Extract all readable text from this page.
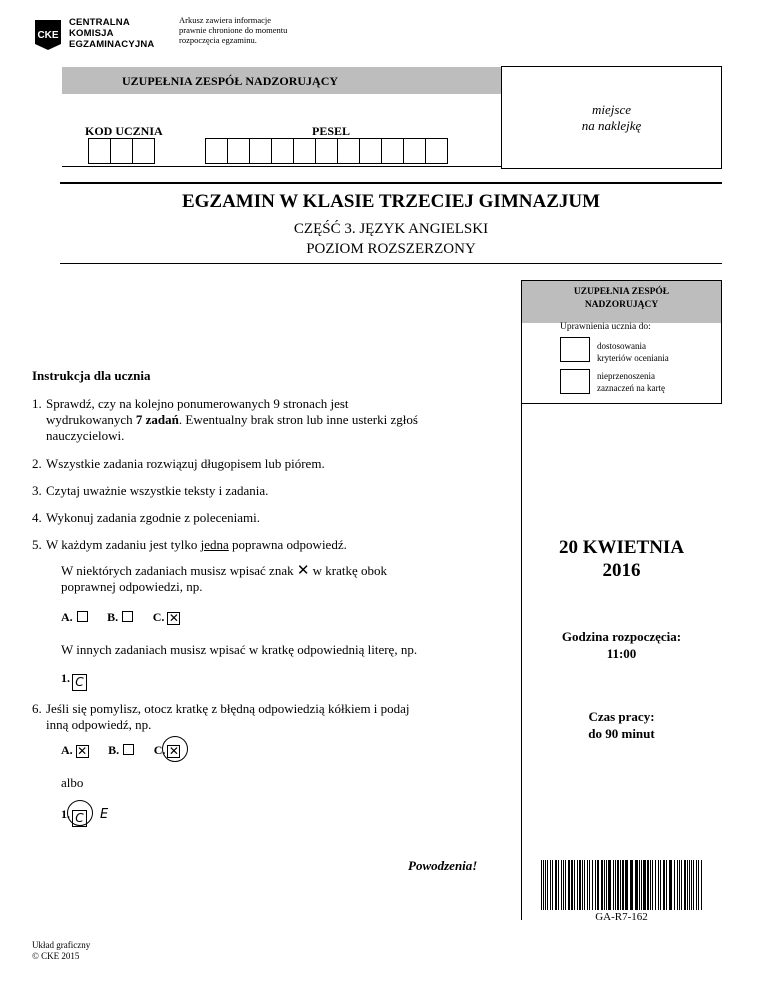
CKE
CENTRALNA
KOMISJA
EGZAMINACYJNA
Arkusz zawiera informacje
prawnie chronione do momentu
rozpoczęcia egzaminu.
UZUPEŁNIA ZESPÓŁ NADZORUJĄCY
miejsce
na naklejkę
KOD UCZNIA	PESEL
EGZAMIN W KLASIE TRZECIEJ GIMNAZJUM
CZĘŚĆ 3. JĘZYK ANGIELSKI
POZIOM ROZSZERZONY
UZUPEŁNIA ZESPÓŁ
NADZORUJĄCY
Uprawnienia ucznia do:
dostosowania
kryteriów oceniania
nieprzenoszenia
zaznaczeń na kartę
20 KWIETNIA
2016
Godzina rozpoczęcia:
11:00
Czas pracy:
do 90 minut
GA-R7-162
Instrukcja dla ucznia
1. Sprawdź, czy na kolejno ponumerowanych 9 stronach jest
wydrukowanych 7 zadań. Ewentualny brak stron lub inne usterki zgłoś
nauczycielowi.
2. Wszystkie zadania rozwiązuj długopisem lub piórem.
3. Czytaj uważnie wszystkie teksty i zadania.
4. Wykonuj zadania zgodnie z poleceniami.
5. W każdym zadaniu jest tylko jedna poprawna odpowiedź.
W niektórych zadaniach musisz wpisać znak ✕ w kratkę obok
poprawnej odpowiedzi, np.
A.	B.	C. ✕
W innych zadaniach musisz wpisać w kratkę odpowiednią literę, np.
1. C
6. Jeśli się pomylisz, otocz kratkę z błędną odpowiedzią kółkiem i podaj
inną odpowiedź, np.
A. ✕ B.	C. ✕
albo
1. C E
Powodzenia!
Układ graficzny
© CKE 2015
